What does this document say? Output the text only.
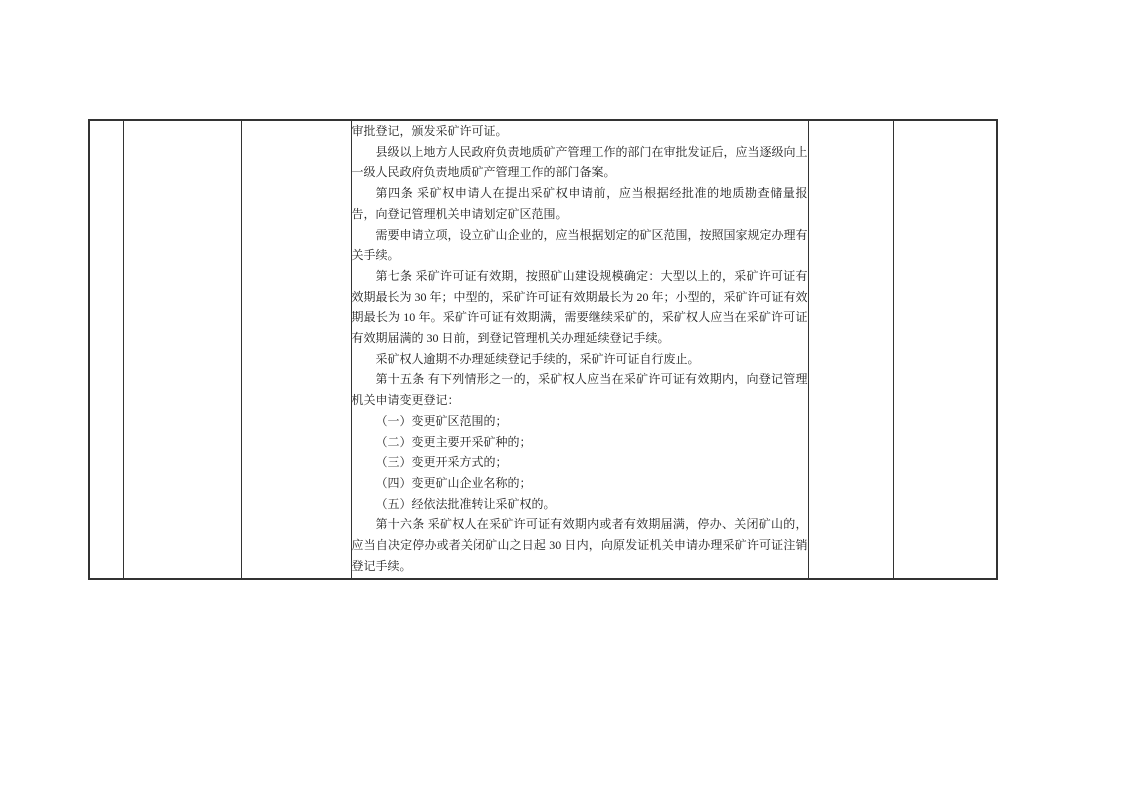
审批登记，颁发采矿许可证。

县级以上地方人民政府负责地质矿产管理工作的部门在审批发证后，应当逐级向上一级人民政府负责地质矿产管理工作的部门备案。

第四条 采矿权申请人在提出采矿权申请前，应当根据经批准的地质勘查储量报告，向登记管理机关申请划定矿区范围。

需要申请立项，设立矿山企业的，应当根据划定的矿区范围，按照国家规定办理有关手续。

第七条 采矿许可证有效期，按照矿山建设规模确定：大型以上的，采矿许可证有效期最长为 30 年；中型的，采矿许可证有效期最长为 20 年；小型的，采矿许可证有效期最长为 10 年。采矿许可证有效期满，需要继续采矿的，采矿权人应当在采矿许可证有效期届满的 30 日前，到登记管理机关办理延续登记手续。

采矿权人逾期不办理延续登记手续的，采矿许可证自行废止。

第十五条 有下列情形之一的，采矿权人应当在采矿许可证有效期内，向登记管理机关申请变更登记：

（一）变更矿区范围的；

（二）变更主要开采矿种的；

（三）变更开采方式的；

（四）变更矿山企业名称的；

（五）经依法批准转让采矿权的。

第十六条 采矿权人在采矿许可证有效期内或者有效期届满，停办、关闭矿山的，应当自决定停办或者关闭矿山之日起 30 日内，向原发证机关申请办理采矿许可证注销登记手续。
